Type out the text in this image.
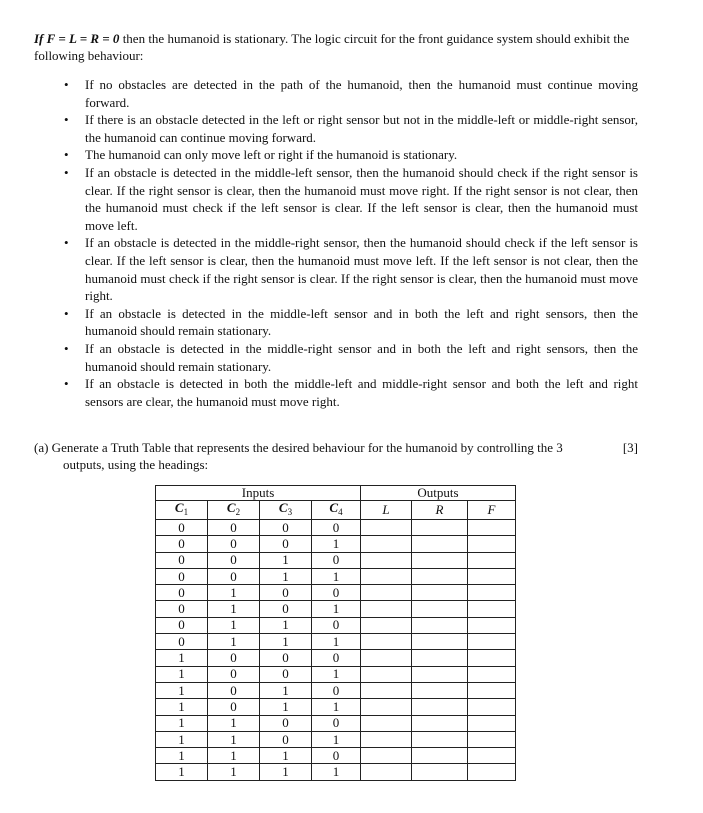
If F = L = R = 0 then the humanoid is stationary. The logic circuit for the front guidance system should exhibit the following behaviour:
• If no obstacles are detected in the path of the humanoid, then the humanoid must continue moving forward.
• If there is an obstacle detected in the left or right sensor but not in the middle-left or middle-right sensor, the humanoid can continue moving forward.
• The humanoid can only move left or right if the humanoid is stationary.
• If an obstacle is detected in the middle-left sensor, then the humanoid should check if the right sensor is clear. If the right sensor is clear, then the humanoid must move right. If the right sensor is not clear, then the humanoid must check if the left sensor is clear. If the left sensor is clear, then the humanoid must move left.
• If an obstacle is detected in the middle-right sensor, then the humanoid should check if the left sensor is clear. If the left sensor is clear, then the humanoid must move left. If the left sensor is not clear, then the humanoid must check if the right sensor is clear. If the right sensor is clear, then the humanoid must move right.
• If an obstacle is detected in the middle-left sensor and in both the left and right sensors, then the humanoid should remain stationary.
• If an obstacle is detected in the middle-right sensor and in both the left and right sensors, then the humanoid should remain stationary.
• If an obstacle is detected in both the middle-left and middle-right sensor and both the left and right sensors are clear, the humanoid must move right.
(a) Generate a Truth Table that represents the desired behaviour for the humanoid by controlling the 3
outputs, using the headings:
[3]
Inputs				Outputs		
$C_1$	$C_2$	$C_3$	$C_4$	L	R	F
0	0	0	0			
0	0	0	1			
0	0	1	0			
0	0	1	1			
0	1	0	0			
0	1	0	1			
0	1	1	0			
0	1	1	1			
1	0	0	0			
1	0	0	1			
1	0	1	0			
1	0	1	1			
1	1	0	0			
1	1	0	1			
1	1	1	0			
1	1	1	1			
